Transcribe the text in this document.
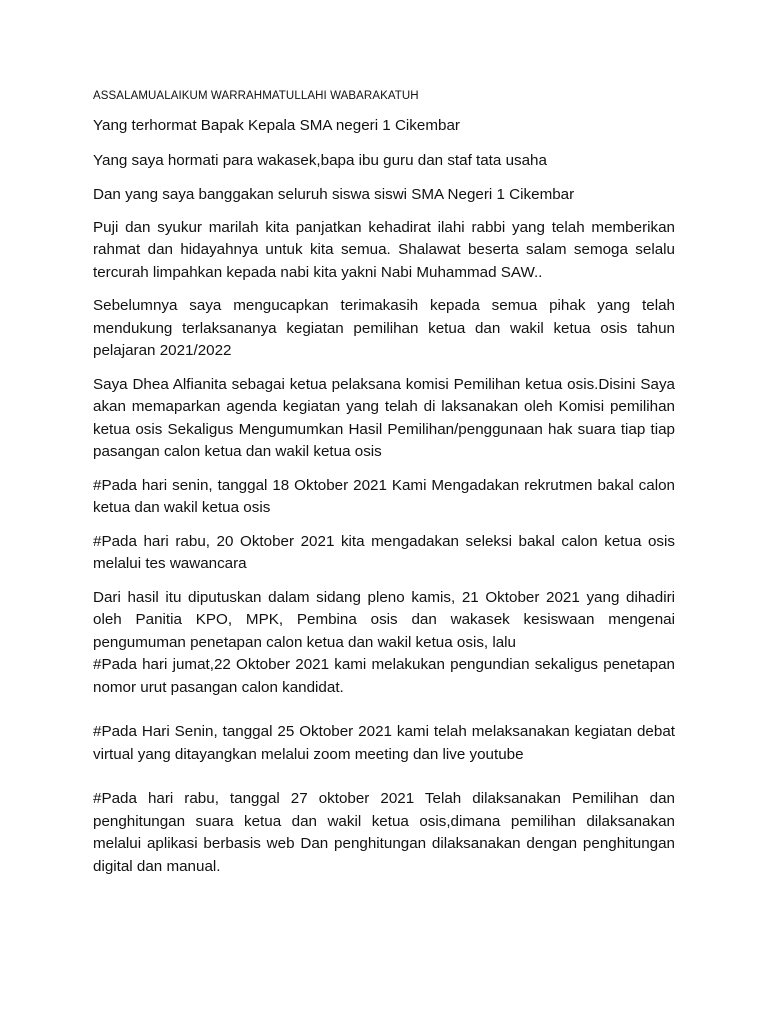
ASSALAMUALAIKUM WARRAHMATULLAHI WABARAKATUH
Yang terhormat Bapak Kepala SMA negeri 1 Cikembar
Yang saya hormati para wakasek,bapa ibu guru dan staf tata usaha
Dan yang saya banggakan seluruh siswa siswi SMA Negeri 1 Cikembar

Puji dan syukur marilah kita panjatkan kehadirat ilahi rabbi yang telah memberikan rahmat dan hidayahnya untuk kita semua. Shalawat beserta salam semoga selalu tercurah limpahkan kepada nabi kita yakni Nabi Muhammad SAW..

Sebelumnya saya mengucapkan terimakasih kepada semua pihak yang telah mendukung terlaksananya kegiatan pemilihan ketua dan wakil ketua osis tahun pelajaran 2021/2022

Saya Dhea Alfianita sebagai ketua pelaksana komisi Pemilihan ketua osis.Disini Saya akan memaparkan agenda kegiatan yang telah di laksanakan oleh Komisi pemilihan ketua osis Sekaligus Mengumumkan Hasil Pemilihan/penggunaan hak suara tiap tiap pasangan calon ketua dan wakil ketua osis

#Pada hari senin, tanggal 18 Oktober 2021 Kami Mengadakan rekrutmen bakal calon ketua dan wakil ketua osis

#Pada hari rabu, 20 Oktober 2021 kita mengadakan seleksi bakal calon ketua osis melalui tes wawancara

Dari hasil itu diputuskan dalam sidang pleno kamis, 21 Oktober 2021 yang dihadiri oleh Panitia KPO, MPK, Pembina osis dan wakasek kesiswaan mengenai pengumuman penetapan calon ketua dan wakil ketua osis, lalu

#Pada hari jumat,22 Oktober 2021 kami melakukan pengundian sekaligus penetapan nomor urut pasangan calon kandidat.

#Pada Hari Senin, tanggal 25 Oktober 2021 kami telah melaksanakan kegiatan debat virtual yang ditayangkan melalui zoom meeting dan live youtube

#Pada hari rabu, tanggal 27 oktober 2021 Telah dilaksanakan Pemilihan dan penghitungan suara ketua dan wakil ketua osis,dimana pemilihan dilaksanakan melalui aplikasi berbasis web Dan penghitungan dilaksanakan dengan penghitungan digital dan manual.
